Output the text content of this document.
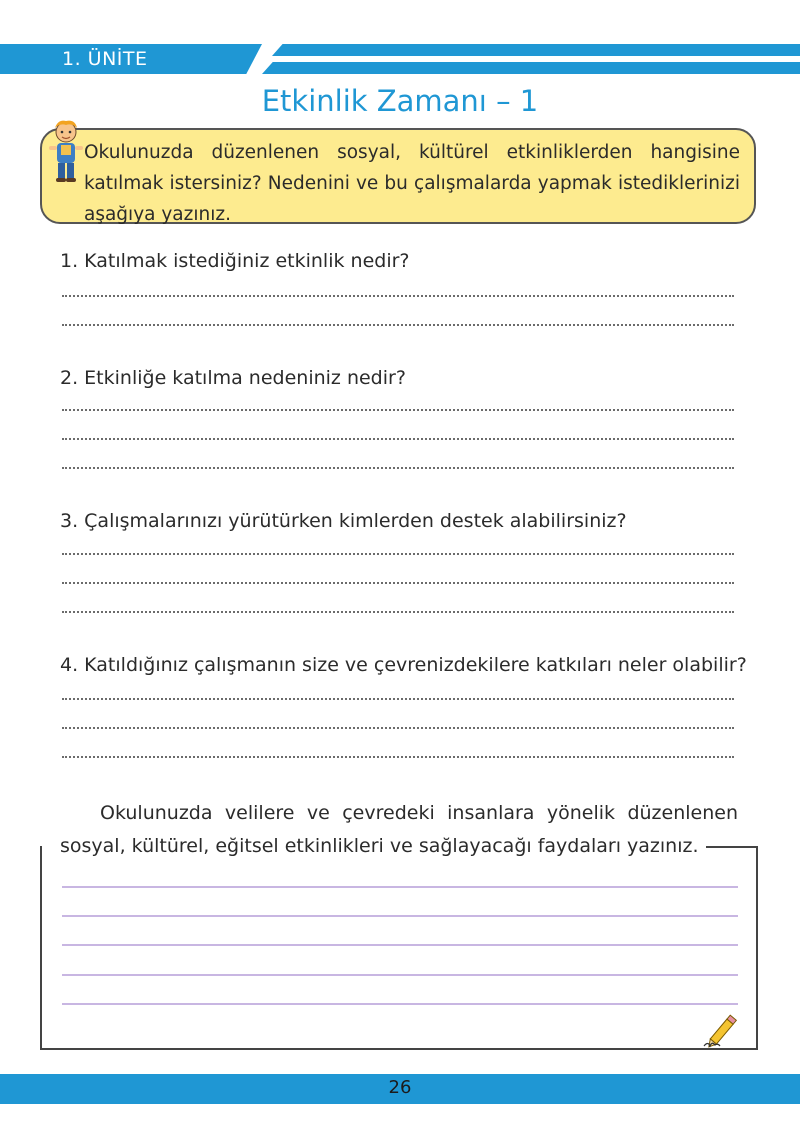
1. ÜNİTE
Etkinlik Zamanı – 1
Okulunuzda düzenlenen sosyal, kültürel etkinliklerden hangisine katılmak istersiniz? Nedenini ve bu çalışmalarda yapmak istediklerinizi aşağıya yazınız.
1. Katılmak istediğiniz etkinlik nedir?
2. Etkinliğe katılma nedeniniz nedir?
3. Çalışmalarınızı yürütürken kimlerden destek alabilirsiniz?
4. Katıldığınız çalışmanın size ve çevrenizdekilere katkıları neler olabilir?
Okulunuzda velilere ve çevredeki insanlara yönelik düzenlenen sosyal, kültürel, eğitsel etkinlikleri ve sağlayacağı faydaları yazınız.
26
